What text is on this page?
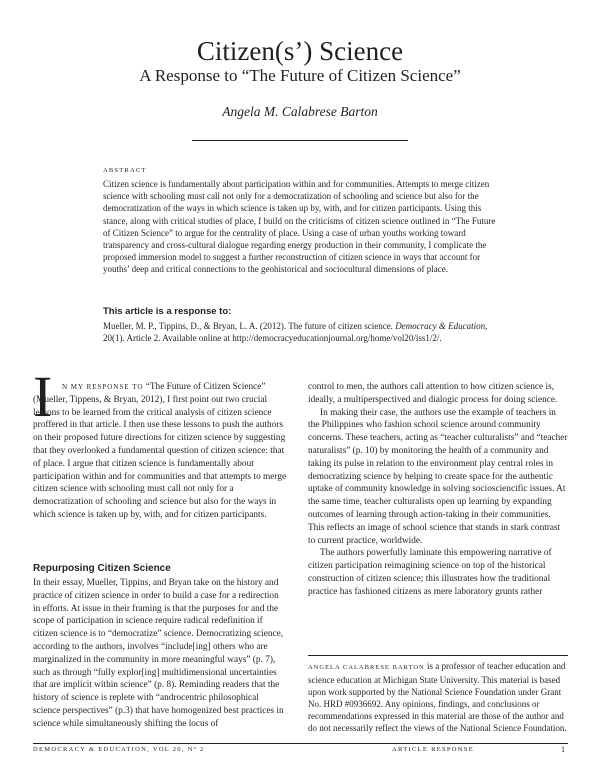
Citizen(s’) Science
A Response to “The Future of Citizen Science”
Angela M. Calabrese Barton
ABSTRACT
Citizen science is fundamentally about participation within and for communities. Attempts to merge citizen science with schooling must call not only for a democratization of schooling and science but also for the democratization of the ways in which science is taken up by, with, and for citizen participants. Using this stance, along with critical studies of place, I build on the criticisms of citizen science outlined in “The Future of Citizen Science” to argue for the centrality of place. Using a case of urban youths working toward transparency and cross-cultural dialogue regarding energy production in their community, I complicate the proposed immersion model to suggest a further reconstruction of citizen science in ways that account for youths’ deep and critical connections to the geohistorical and sociocultural dimensions of place.
This article is a response to:
Mueller, M. P., Tippins, D., & Bryan, L. A. (2012). The future of citizen science. Democracy & Education, 20(1). Article 2. Available online at http://democracyeducationjournal.org/home/vol20/iss1/2/.
I	N MY RESPONSE TO “The Future of Citizen Science” (Mueller, Tippens, & Bryan, 2012), I first point out two crucial lessons to be learned from the critical analysis of citizen science proffered in that article. I then use these lessons to push the authors on their proposed future directions for citizen science by suggesting that they overlooked a fundamental question of citizen science: that of place. I argue that citizen science is fundamentally about participation within and for communities and that attempts to merge citizen science with schooling must call not only for a democratization of schooling and science but also for the ways in which science is taken up by, with, and for citizen participants.

Repurposing Citizen Science

In their essay, Mueller, Tippins, and Bryan take on the history and practice of citizen science in order to build a case for a redirection in efforts. At issue in their framing is that the purposes for and the scope of participation in science require radical redefinition if citizen science is to “democratize” science. Democratizing science, according to the authors, involves “include[ing] others who are marginalized in the community in more meaningful ways” (p. 7), such as through “fully explor[ing] multidimensional uncertainties that are implicit within science” (p. 8). Reminding readers that the history of science is replete with “androcentric philosophical science perspectives” (p.3) that have homogenized best practices in science while simultaneously shifting the locus of

control to men, the authors call attention to how citizen science is, ideally, a multiperspectived and dialogic process for doing science.

In making their case, the authors use the example of teachers in the Philippines who fashion school science around community concerns. These teachers, acting as “teacher culturalists” and “teacher naturalists” (p. 10) by monitoring the health of a community and taking its pulse in relation to the environment play central roles in democratizing science by helping to create space for the authentic uptake of community knowledge in solving sociosciencific issues. At the same time, teacher culturalists open up learning by expanding outcomes of learning through action-taking in their communities. This reflects an image of school science that stands in stark contrast to current practice, worldwide.

The authors powerfully laminate this empowering narrative of citizen participation reimagining science on top of the historical construction of citizen science; this illustrates how the traditional practice has fashioned citizens as mere laboratory grunts rather

ANGELA CALABRESE BARTON is a professor of teacher education and science education at Michigan State University. This material is based upon work supported by the National Science Foundation under Grant No. HRD #0936692. Any opinions, findings, and conclusions or recommendations expressed in this material are those of the author and do not necessarily reflect the views of the National Science Foundation.
DEMOCRACY & EDUCATION, VOL 20, Nº 2	ARTICLE RESPONSE	1
